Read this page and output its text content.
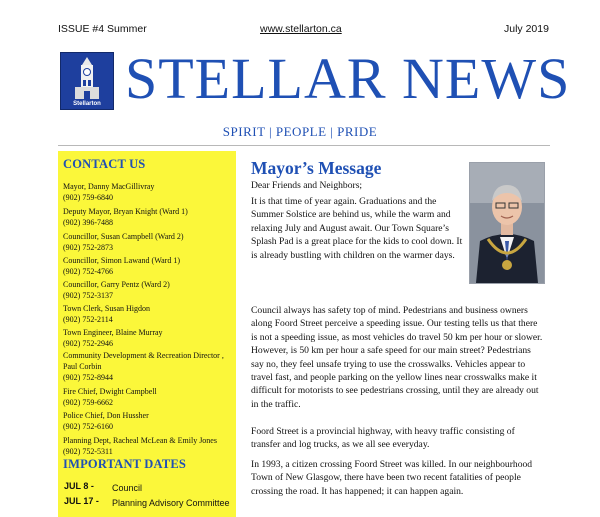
ISSUE #4 Summer	www.stellarton.ca	July 2019
Stellarton STELLAR NEWS
SPIRIT | PEOPLE | PRIDE
CONTACT US
Mayor, Danny MacGillivray
(902) 759-6840
Deputy Mayor, Bryan Knight (Ward 1)
(902) 396-7488
Councillor, Susan Campbell (Ward 2)
(902) 752-2873
Councillor, Simon Lawand (Ward 1)
(902) 752-4766
Councillor, Garry Pentz (Ward 2)
(902) 752-3137
Town Clerk, Susan Higdon
(902) 752-2114
Town Engineer, Blaine Murray
(902) 752-2946
Community Development & Recreation Director , Paul Corbin
(902) 752-8944
Fire Chief, Dwight Campbell
(902) 759-6662
Police Chief, Don Hussher
(902) 752-6160
Planning Dept, Racheal McLean & Emily Jones (902) 752-5311
IMPORTANT DATES
JUL 8 - Council
JUL 17 - Planning Advisory Committee
Mayor’s Message
Dear Friends and Neighbors;
It is that time of year again. Graduations and the Summer Solstice are behind us, while the warm and relaxing July and August await. Our Town Square’s Splash Pad is a great place for the kids to cool down. It is already bustling with children on the warmer days.
Council always has safety top of mind. Pedestrians and business owners along Foord Street perceive a speeding issue. Our testing tells us that there is not a speeding issue, as most vehicles do travel 50 km per hour or slower. However, is 50 km per hour a safe speed for our main street? Pedestrians say no, they feel unsafe trying to use the crosswalks. Vehicles appear to travel fast, and people parking on the yellow lines near crosswalks make it difficult for motorists to see pedestrians crossing, until they are already out in the traffic.
Foord Street is a provincial highway, with heavy traffic consisting of transfer and log trucks, as we all see everyday.
In 1993, a citizen crossing Foord Street was killed. In our neighbourhood Town of New Glasgow, there have been two recent fatalities of people crossing the road. It has happened; it can happen again.
